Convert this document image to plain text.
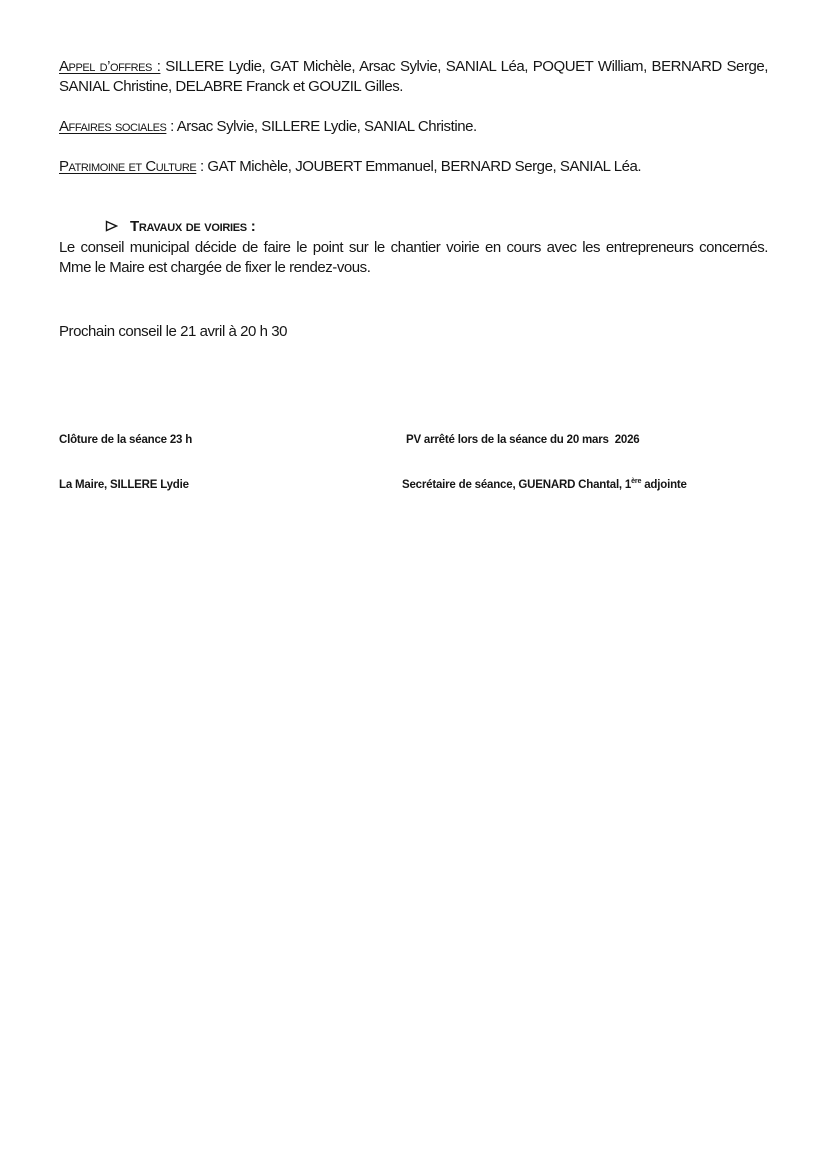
Appel d’offres : SILLERE Lydie, GAT Michèle, Arsac Sylvie, SANIAL Léa, POQUET William, BERNARD Serge, SANIAL Christine, DELABRE Franck et GOUZIL Gilles.

Affaires sociales : Arsac Sylvie, SILLERE Lydie, SANIAL Christine.

Patrimoine et Culture : GAT Michèle, JOUBERT Emmanuel, BERNARD Serge, SANIAL Léa.

Travaux de voiries :

Le conseil municipal décide de faire le point sur le chantier voirie en cours avec les entrepreneurs concernés. Mme le Maire est chargée de fixer le rendez-vous.

Prochain conseil le 21 avril à 20 h 30

Clôture de la séance 23 h

La Maire, SILLERE Lydie

PV arrêté lors de la séance du 20 mars  2026

Secrétaire de séance, GUENARD Chantal, 1ère adjointe
